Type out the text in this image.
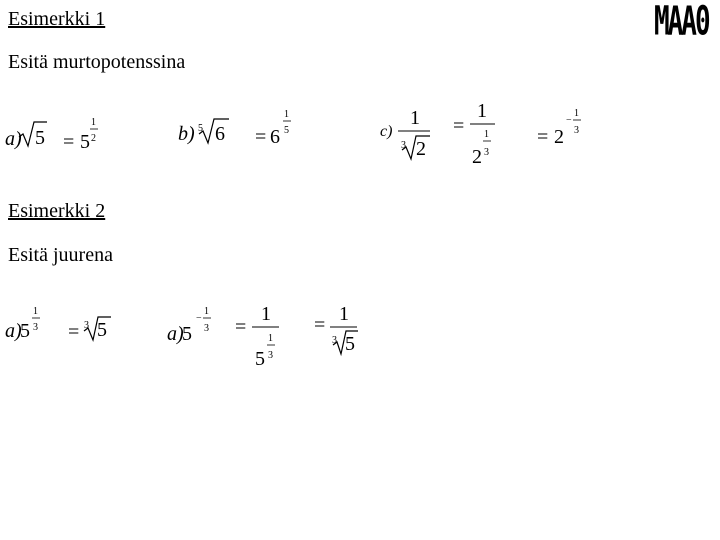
MAA0
Esimerkki 1
Esitä murtopotenssina
Esimerkki 2
Esitä juurena
a) 5 = 5
1
2	b) 5 6 = 6
1
5	c)
1
3 2
=
1
2
1
3
= 2
−
1
3
a)
5
1
3 = 3 5	a)
5
−
1
3 =
1
5
1
3
= 1
3 5
